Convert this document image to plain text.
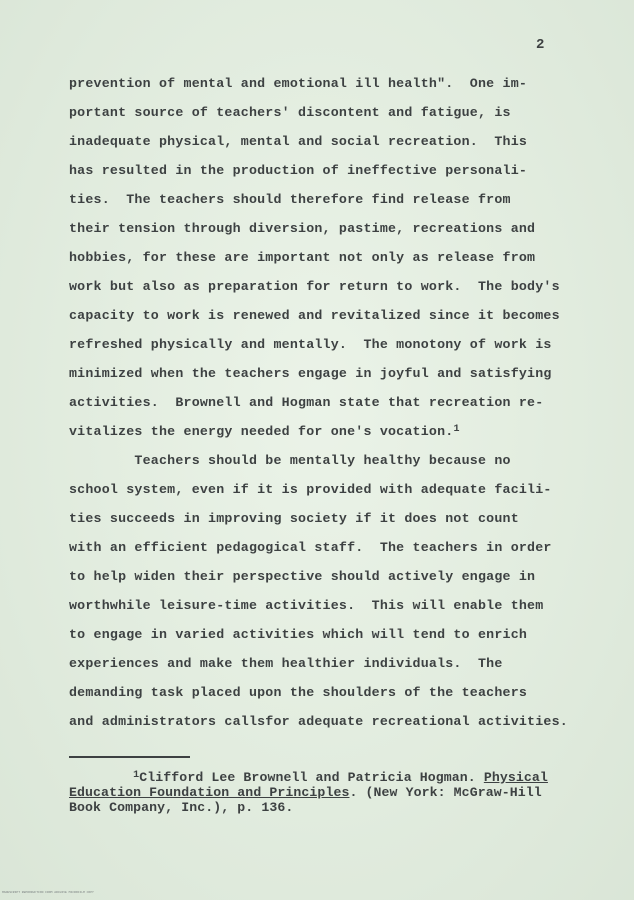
2
prevention of mental and emotional ill health".  One im-
portant source of teachers' discontent and fatigue, is
inadequate physical, mental and social recreation.  This
has resulted in the production of ineffective personali-
ties.  The teachers should therefore find release from
their tension through diversion, pastime, recreations and
hobbies, for these are important not only as release from
work but also as preparation for return to work.  The body's
capacity to work is renewed and revitalized since it becomes
refreshed physically and mentally.  The monotony of work is
minimized when the teachers engage in joyful and satisfying
activities.  Brownell and Hogman state that recreation re-
vitalizes the energy needed for one's vocation.$^1$
Teachers should be mentally healthy because no
school system, even if it is provided with adequate facili-
ties succeeds in improving society if it does not count
with an efficient pedagogical staff.  The teachers in order
to help widen their perspective should actively engage in
worthwhile leisure-time activities.  This will enable them
to engage in varied activities which will tend to enrich
experiences and make them healthier individuals.  The
demanding task placed upon the shoulders of the teachers
and administrators callsfor adequate recreational activities.
$^1$Clifford Lee Brownell and Patricia Hogman. Physical
Education Foundation and Principles. (New York: McGraw-Hill
Book Company, Inc.), p. 136.
MANUSCRIPT REPRODUCTION FROM ARCHIVE MICROFILM COPY
